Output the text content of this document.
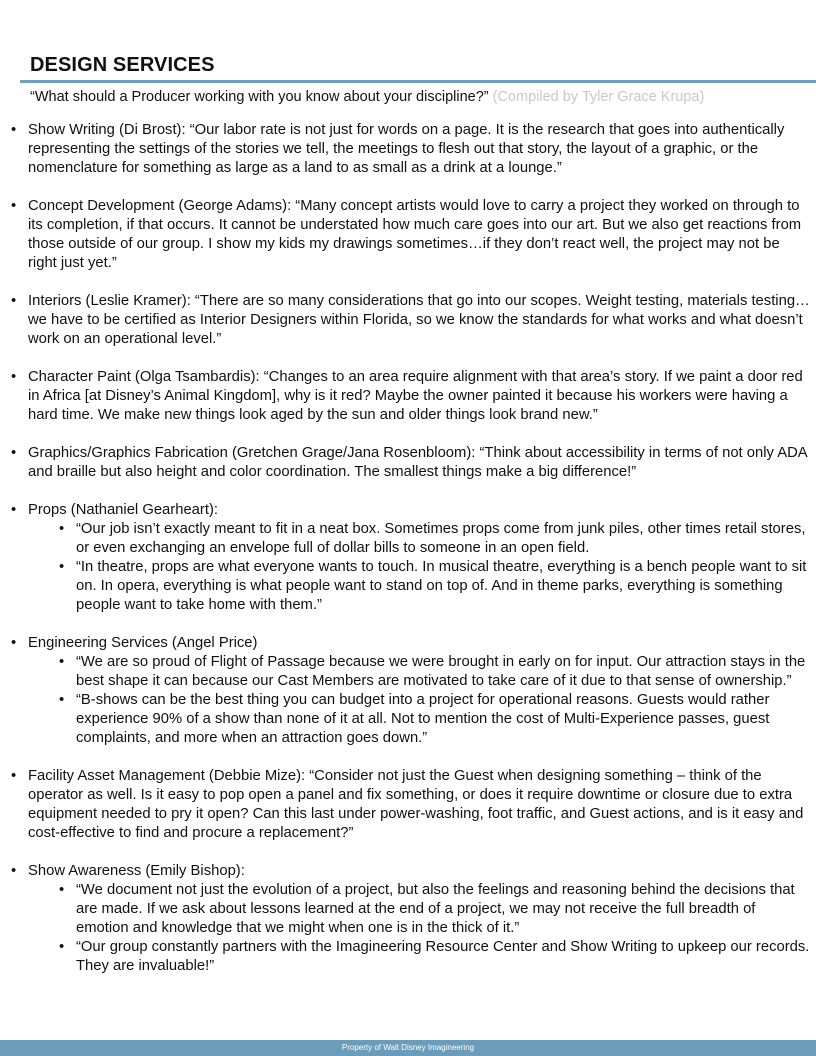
DESIGN SERVICES
“What should a Producer working with you know about your discipline?” (Compiled by Tyler Grace Krupa)
• Show Writing (Di Brost): “Our labor rate is not just for words on a page. It is the research that goes into authentically representing the settings of the stories we tell, the meetings to flesh out that story, the layout of a graphic, or the nomenclature for something as large as a land to as small as a drink at a lounge.”
• Concept Development (George Adams): “Many concept artists would love to carry a project they worked on through to its completion, if that occurs. It cannot be understated how much care goes into our art. But we also get reactions from those outside of our group. I show my kids my drawings sometimes…if they don’t react well, the project may not be right just yet.”
• Interiors (Leslie Kramer): “There are so many considerations that go into our scopes. Weight testing, materials testing…we have to be certified as Interior Designers within Florida, so we know the standards for what works and what doesn’t work on an operational level.”
• Character Paint (Olga Tsambardis): “Changes to an area require alignment with that area’s story. If we paint a door red in Africa [at Disney’s Animal Kingdom], why is it red? Maybe the owner painted it because his workers were having a hard time. We make new things look aged by the sun and older things look brand new.”
• Graphics/Graphics Fabrication (Gretchen Grage/Jana Rosenbloom): “Think about accessibility in terms of not only ADA and braille but also height and color coordination. The smallest things make a big difference!”
• Props (Nathaniel Gearheart):
• “Our job isn’t exactly meant to fit in a neat box. Sometimes props come from junk piles, other times retail stores, or even exchanging an envelope full of dollar bills to someone in an open field.
• “In theatre, props are what everyone wants to touch. In musical theatre, everything is a bench people want to sit on. In opera, everything is what people want to stand on top of. And in theme parks, everything is something people want to take home with them.”
• Engineering Services (Angel Price)
• “We are so proud of Flight of Passage because we were brought in early on for input. Our attraction stays in the best shape it can because our Cast Members are motivated to take care of it due to that sense of ownership.”
• “B-shows can be the best thing you can budget into a project for operational reasons. Guests would rather experience 90% of a show than none of it at all. Not to mention the cost of Multi-Experience passes, guest complaints, and more when an attraction goes down.”
• Facility Asset Management (Debbie Mize): “Consider not just the Guest when designing something – think of the operator as well. Is it easy to pop open a panel and fix something, or does it require downtime or closure due to extra equipment needed to pry it open? Can this last under power-washing, foot traffic, and Guest actions, and is it easy and cost-effective to find and procure a replacement?”
• Show Awareness (Emily Bishop):
• “We document not just the evolution of a project, but also the feelings and reasoning behind the decisions that are made. If we ask about lessons learned at the end of a project, we may not receive the full breadth of emotion and knowledge that we might when one is in the thick of it.”
• “Our group constantly partners with the Imagineering Resource Center and Show Writing to upkeep our records. They are invaluable!”
Property of Walt Disney Imagineering
